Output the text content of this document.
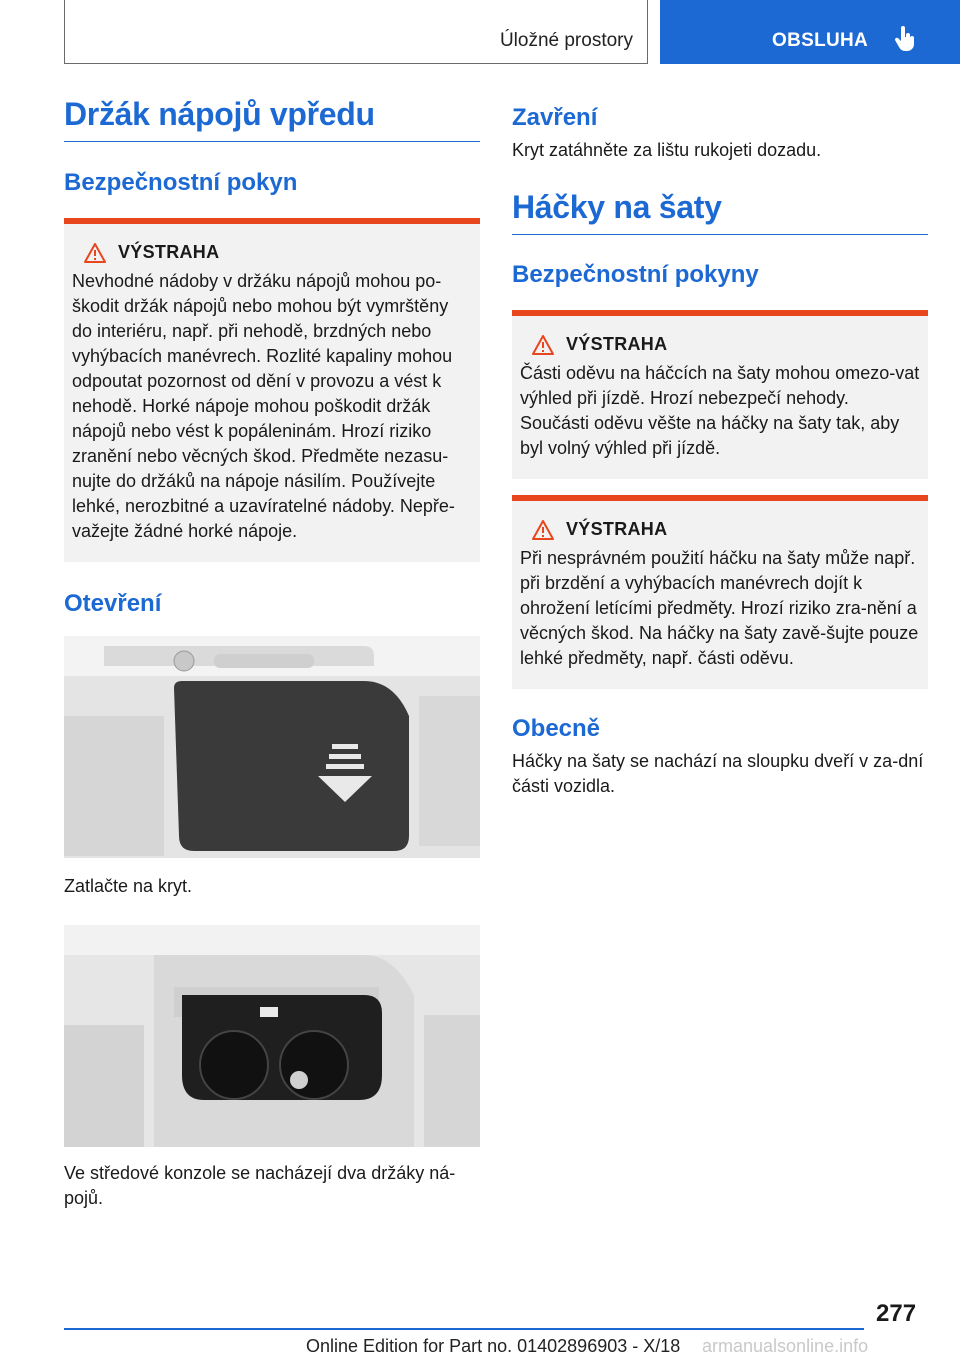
Úložné prostory	OBSLUHA
Držák nápojů vpředu
Bezpečnostní pokyn
VÝSTRAHA

Nevhodné nádoby v držáku nápojů mohou po-škodit držák nápojů nebo mohou být vymrštěny do interiéru, např. při nehodě, brzdných nebo vyhýbacích manévrech. Rozlité kapaliny mohou odpoutat pozornost od dění v provozu a vést k nehodě. Horké nápoje mohou poškodit držák nápojů nebo vést k popáleninám. Hrozí riziko zranění nebo věcných škod. Předměte nezasu-nujte do držáků na nápoje násilím. Používejte lehké, nerozbitné a uzavíratelné nádoby. Nepře-važejte žádné horké nápoje.

Otevření

Zatlačte na kryt.

Ve středové konzole se nacházejí dva držáky ná-pojů.

Zavření

Kryt zatáhněte za lištu rukojeti dozadu.

Háčky na šaty
Bezpečnostní pokyny
VÝSTRAHA

Části oděvu na háčcích na šaty mohou omezo-vat výhled při jízdě. Hrozí nebezpečí nehody. Součásti oděvu věšte na háčky na šaty tak, aby byl volný výhled při jízdě.

VÝSTRAHA

Při nesprávném použití háčku na šaty může např. při brzdění a vyhýbacích manévrech dojít k ohrožení letícími předměty. Hrozí riziko zra-nění a věcných škod. Na háčky na šaty zavě-šujte pouze lehké předměty, např. části oděvu.

Obecně

Háčky na šaty se nachází na sloupku dveří v za-dní části vozidla.

277
Online Edition for Part no. 01402896903 - X/18 armanualsonline.info
